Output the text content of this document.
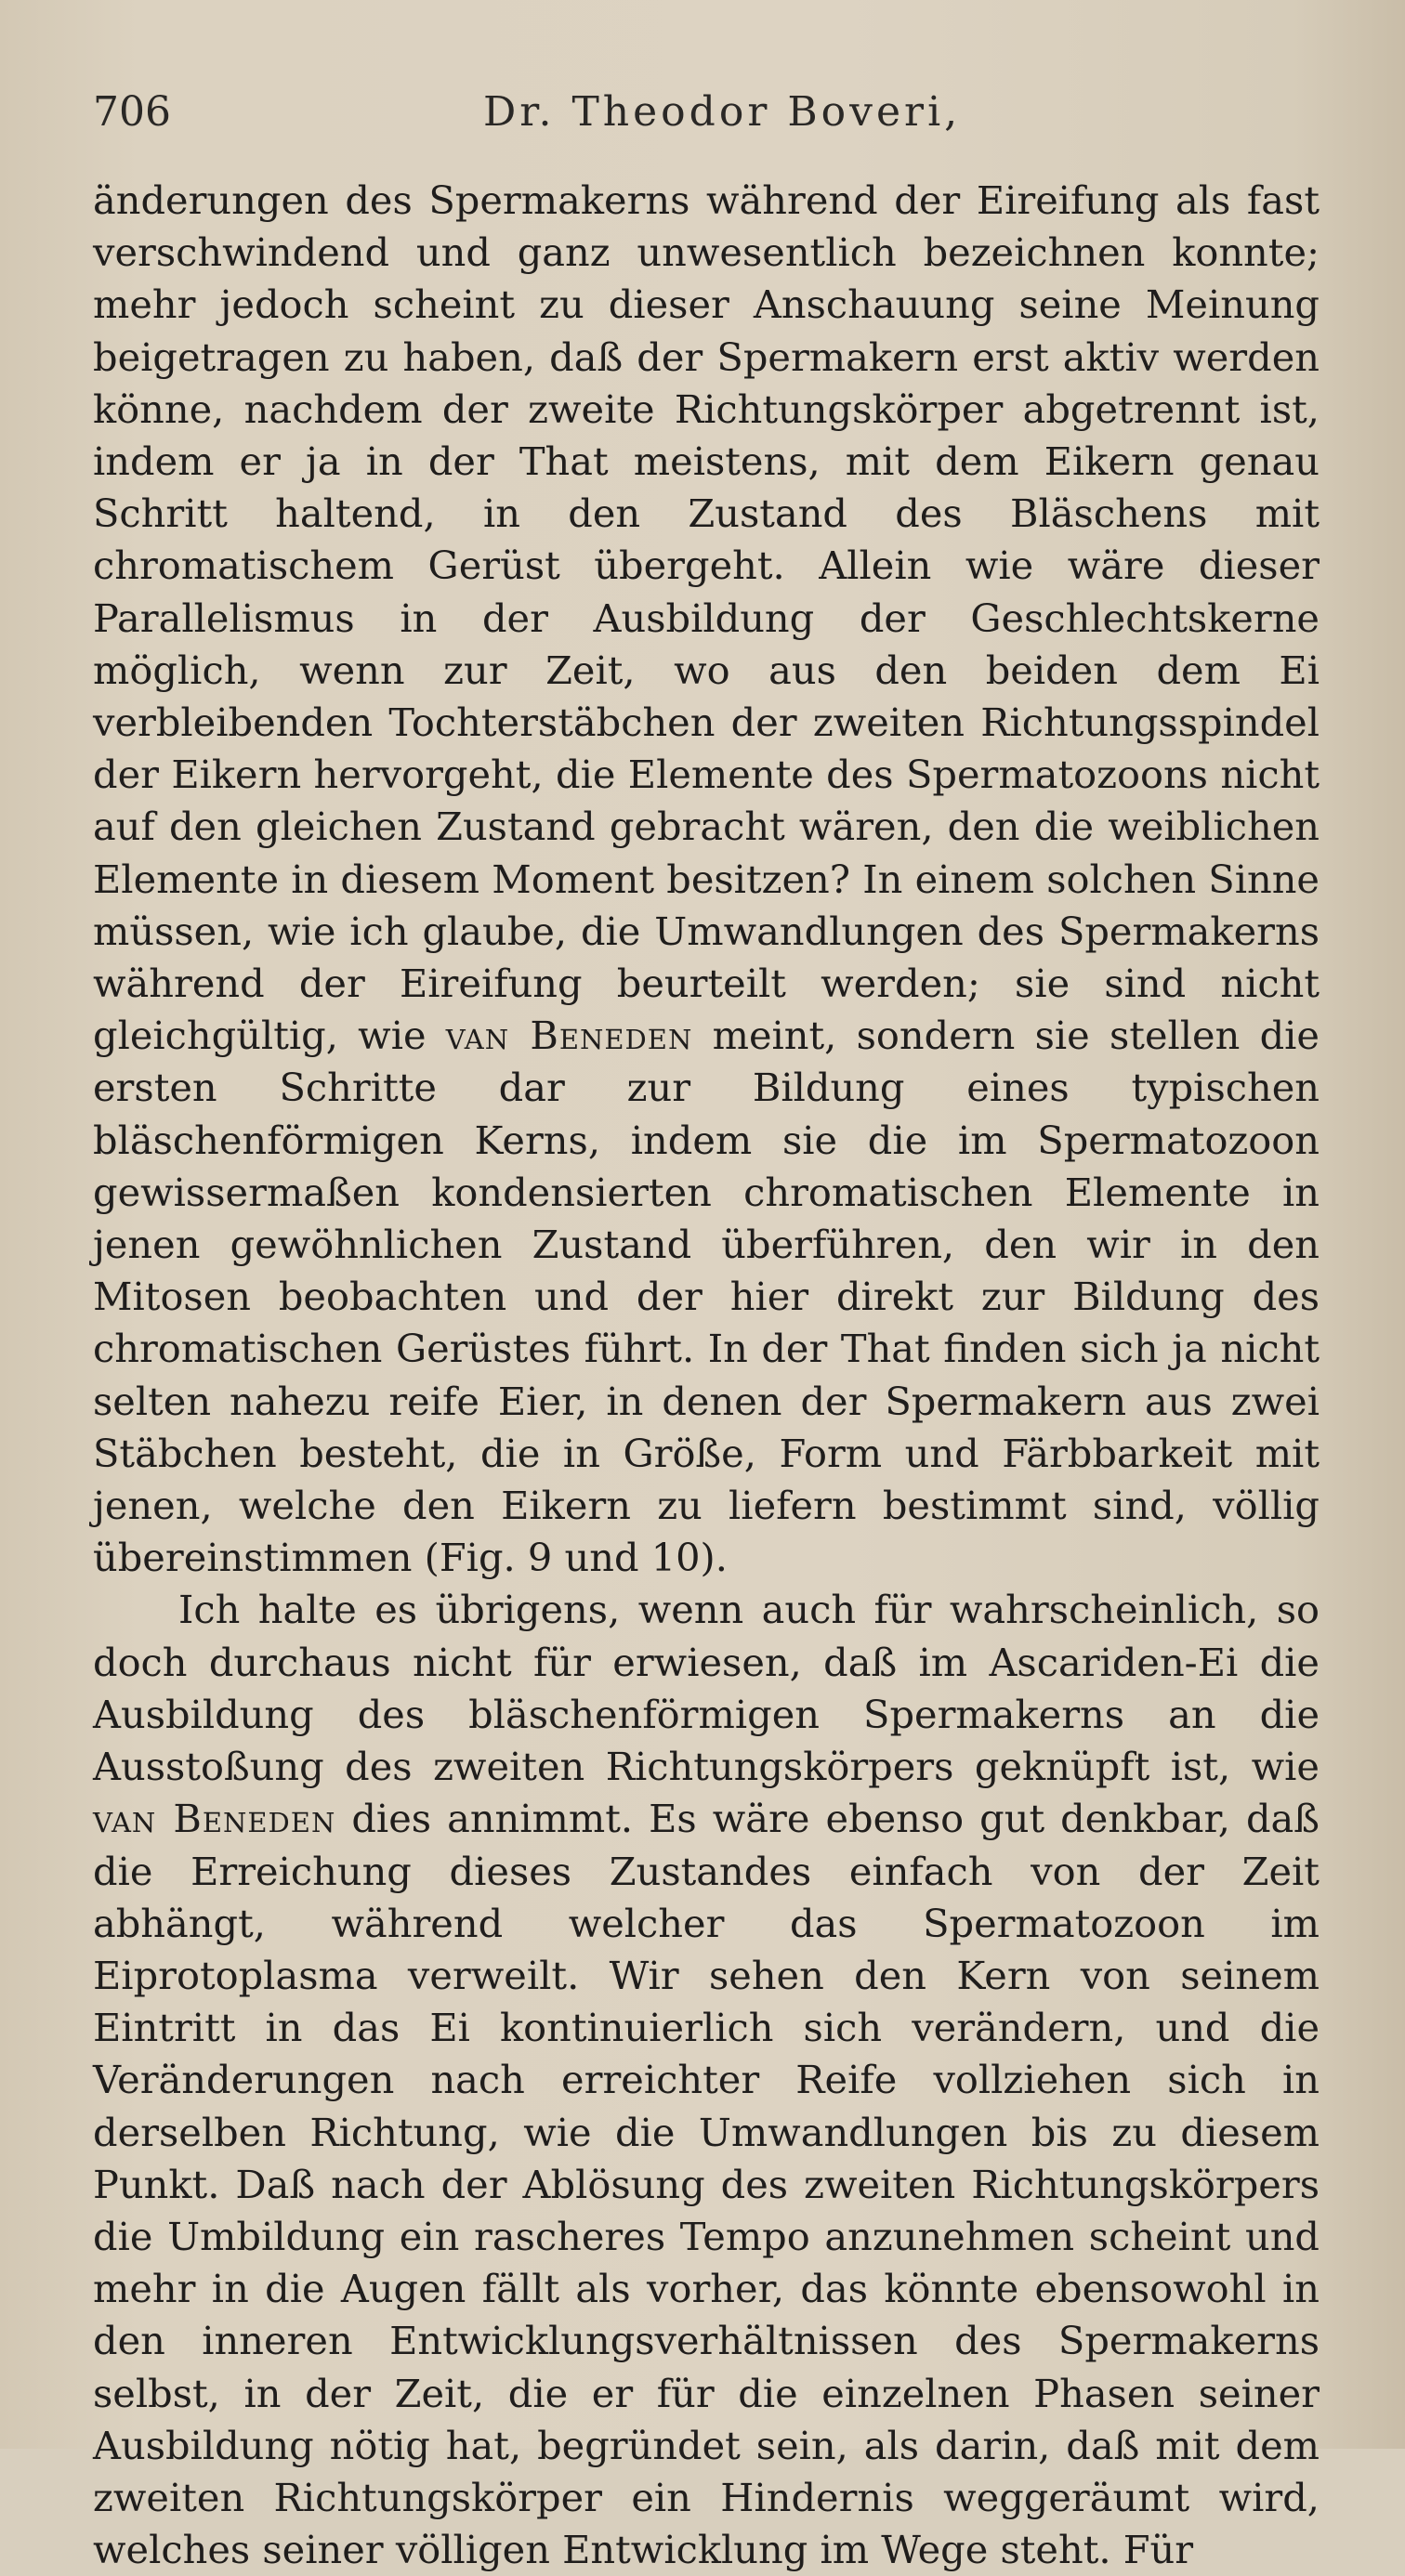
706	Dr. Theodor Boveri,

änderungen des Spermakerns während der Eireifung als fast verschwindend und ganz unwesentlich bezeichnen konnte; mehr jedoch scheint zu dieser Anschauung seine Meinung beigetragen zu haben, daß der Spermakern erst aktiv werden könne, nachdem der zweite Richtungskörper abgetrennt ist, indem er ja in der That meistens, mit dem Eikern genau Schritt haltend, in den Zustand des Bläschens mit chromatischem Gerüst übergeht. Allein wie wäre dieser Parallelismus in der Ausbildung der Geschlechtskerne möglich, wenn zur Zeit, wo aus den beiden dem Ei verbleibenden Tochterstäbchen der zweiten Richtungsspindel der Eikern hervorgeht, die Elemente des Spermatozoons nicht auf den gleichen Zustand gebracht wären, den die weiblichen Elemente in diesem Moment besitzen? In einem solchen Sinne müssen, wie ich glaube, die Umwandlungen des Spermakerns während der Eireifung beurteilt werden; sie sind nicht gleichgültig, wie van Beneden meint, sondern sie stellen die ersten Schritte dar zur Bildung eines typischen bläschenförmigen Kerns, indem sie die im Spermatozoon gewissermaßen kondensierten chromatischen Elemente in jenen gewöhnlichen Zustand überführen, den wir in den Mitosen beobachten und der hier direkt zur Bildung des chromatischen Gerüstes führt. In der That finden sich ja nicht selten nahezu reife Eier, in denen der Spermakern aus zwei Stäbchen besteht, die in Größe, Form und Färbbarkeit mit jenen, welche den Eikern zu liefern bestimmt sind, völlig übereinstimmen (Fig. 9 und 10).

Ich halte es übrigens, wenn auch für wahrscheinlich, so doch durchaus nicht für erwiesen, daß im Ascariden-Ei die Ausbildung des bläschenförmigen Spermakerns an die Ausstoßung des zweiten Richtungskörpers geknüpft ist, wie van Beneden dies annimmt. Es wäre ebenso gut denkbar, daß die Erreichung dieses Zustandes einfach von der Zeit abhängt, während welcher das Spermatozoon im Eiprotoplasma verweilt. Wir sehen den Kern von seinem Eintritt in das Ei kontinuierlich sich verändern, und die Veränderungen nach erreichter Reife vollziehen sich in derselben Richtung, wie die Umwandlungen bis zu diesem Punkt. Daß nach der Ablösung des zweiten Richtungskörpers die Umbildung ein rascheres Tempo anzunehmen scheint und mehr in die Augen fällt als vorher, das könnte ebensowohl in den inneren Entwicklungsverhältnissen des Spermakerns selbst, in der Zeit, die er für die einzelnen Phasen seiner Ausbildung nötig hat, begründet sein, als darin, daß mit dem zweiten Richtungskörper ein Hindernis weggeräumt wird, welches seiner völligen Entwicklung im Wege steht. Für
